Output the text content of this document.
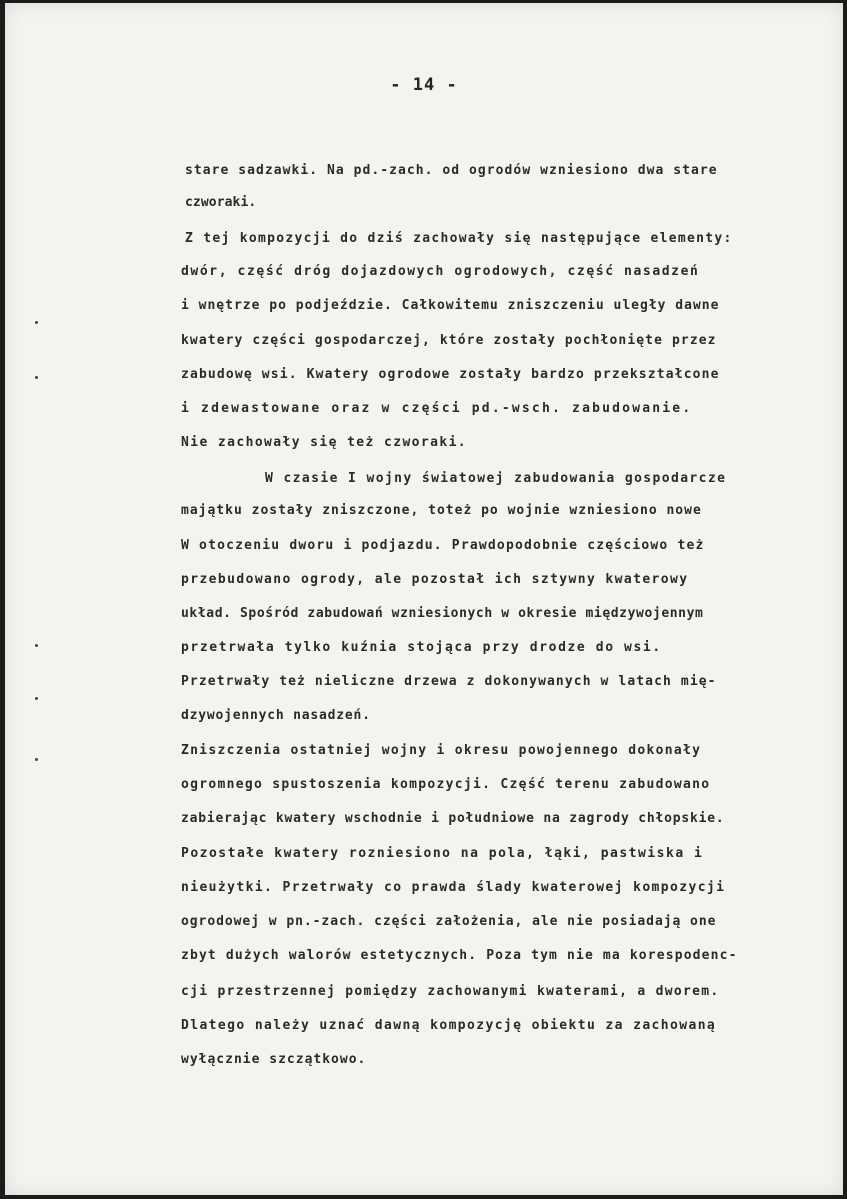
- 14 -
stare sadzawki. Na pd.-zach. od ogrodów wzniesiono dwa stare
czworaki.
Z tej kompozycji do dziś zachowały się następujące elementy:
dwór, część dróg dojazdowych ogrodowych, część nasadzeń
i wnętrze po podjeździe. Całkowitemu zniszczeniu uległy dawne
kwatery części gospodarczej, które zostały pochłonięte przez
zabudowę wsi. Kwatery ogrodowe zostały bardzo przekształcone
i zdewastowane oraz w części pd.-wsch. zabudowanie.
Nie zachowały się też czworaki.
W czasie I wojny światowej zabudowania gospodarcze
majątku zostały zniszczone, toteż po wojnie wzniesiono nowe
W otoczeniu dworu i podjazdu. Prawdopodobnie częściowo też
przebudowano ogrody, ale pozostał ich sztywny kwaterowy
układ. Spośród zabudowań wzniesionych w okresie międzywojennym
przetrwała tylko kuźnia stojąca przy drodze do wsi.
Przetrwały też nieliczne drzewa z dokonywanych w latach mię-
dzywojennych nasadzeń.
Zniszczenia ostatniej wojny i okresu powojennego dokonały
ogromnego spustoszenia kompozycji. Część terenu zabudowano
zabierając kwatery wschodnie i południowe na zagrody chłopskie.
Pozostałe kwatery rozniesiono na pola, łąki, pastwiska i
nieużytki. Przetrwały co prawda ślady kwaterowej kompozycji
ogrodowej w pn.-zach. części założenia, ale nie posiadają one
zbyt dużych walorów estetycznych. Poza tym nie ma korespodenc-
cji przestrzennej pomiędzy zachowanymi kwaterami, a dworem.
Dlatego należy uznać dawną kompozycję obiektu za zachowaną
wyłącznie szczątkowo.
